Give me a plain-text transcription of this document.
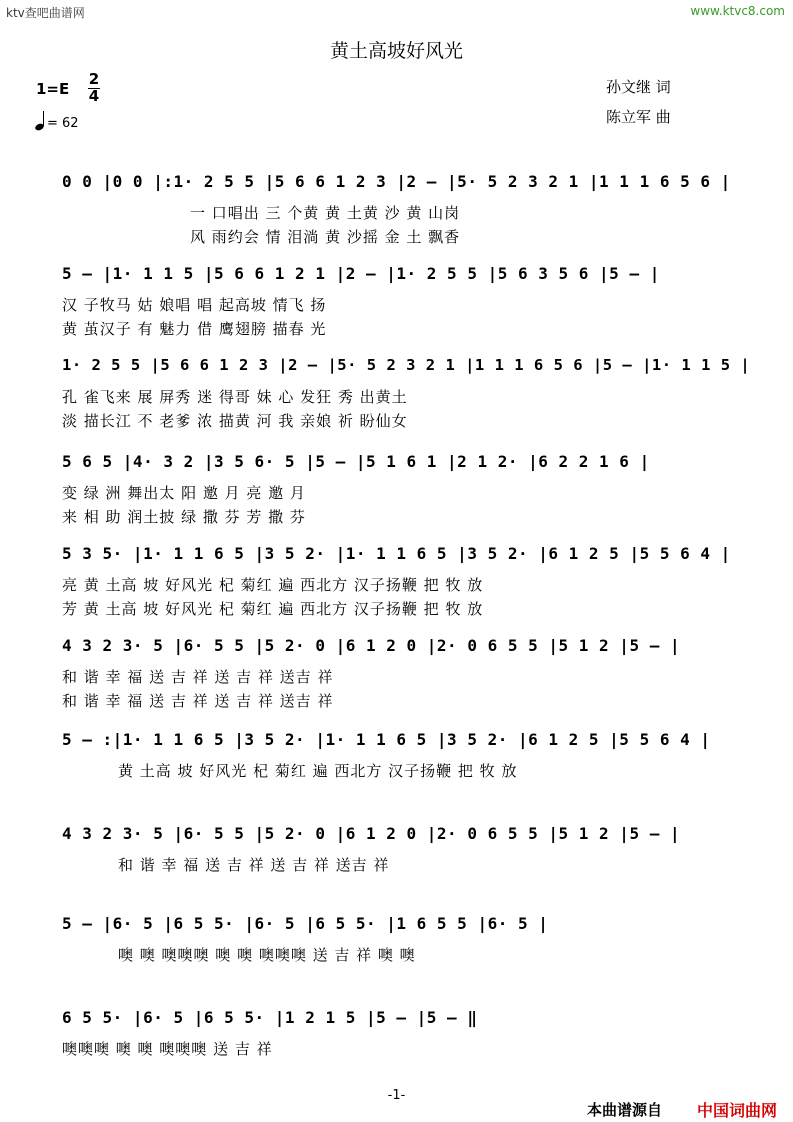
ktv查吧曲谱网	www.ktvc8.com
黄土高坡好风光
1=E
2
4
= 62
孙文继 词
陈立军 曲
0 0 |0 0 |:1· 2 5 5 |5 6 6 1 2 3 |2 — |5· 5 2 3 2 1 |1 1 1 6 5 6 |
一 口唱出 三 个黄 黄 土黄 沙 黄 山岗
风 雨约会 情 泪淌 黄 沙摇 金 土 飘香
5 — |1· 1 1 5 |5 6 6 1 2 1 |2 — |1· 2 5 5 |5 6 3 5 6 |5 — |
汉 子牧马 姑 娘唱 唱 起高坡 情飞 扬
黄 茧汉子 有 魅力 借 鹰翅膀 描春 光
1· 2 5 5 |5 6 6 1 2 3 |2 — |5· 5 2 3 2 1 |1 1 1 6 5 6 |5 — |1· 1 1 5 |
孔 雀飞来 展 屏秀 迷 得哥 妹 心 发狂 秀 出黄土
淡 描长江 不 老爹 浓 描黄 河 我 亲娘 祈 盼仙女
5 6 5 |4· 3 2 |3 5 6· 5 |5 — |5 1 6 1 |2 1 2· |6 2 2 1 6 |
变 绿 洲 舞出太 阳 邀 月 亮 邀 月
来 相 助 润土披 绿 撒 芬 芳 撒 芬
5 3 5· |1· 1 1 6 5 |3 5 2· |1· 1 1 6 5 |3 5 2· |6 1 2 5 |5 5 6 4 |
亮 黄 土高 坡 好风光 杞 菊红 遍 西北方 汉子扬鞭 把 牧 放
芳 黄 土高 坡 好风光 杞 菊红 遍 西北方 汉子扬鞭 把 牧 放
4 3 2 3· 5 |6· 5 5 |5 2· 0 |6 1 2 0 |2· 0 6 5 5 |5 1 2 |5 — |
和 谐 幸 福 送 吉 祥 送 吉 祥 送吉 祥
和 谐 幸 福 送 吉 祥 送 吉 祥 送吉 祥
5 — :|1· 1 1 6 5 |3 5 2· |1· 1 1 6 5 |3 5 2· |6 1 2 5 |5 5 6 4 |
黄 土高 坡 好风光 杞 菊红 遍 西北方 汉子扬鞭 把 牧 放
4 3 2 3· 5 |6· 5 5 |5 2· 0 |6 1 2 0 |2· 0 6 5 5 |5 1 2 |5 — |
和 谐 幸 福 送 吉 祥 送 吉 祥 送吉 祥
5 — |6· 5 |6 5 5· |6· 5 |6 5 5· |1 6 5 5 |6· 5 |
噢 噢 噢噢噢 噢 噢 噢噢噢 送 吉 祥 噢 噢
6 5 5· |6· 5 |6 5 5· |1 2 1 5 |5 — |5 — ‖
噢噢噢 噢 噢 噢噢噢 送 吉 祥
-1-
本曲谱源自 中国词曲网
